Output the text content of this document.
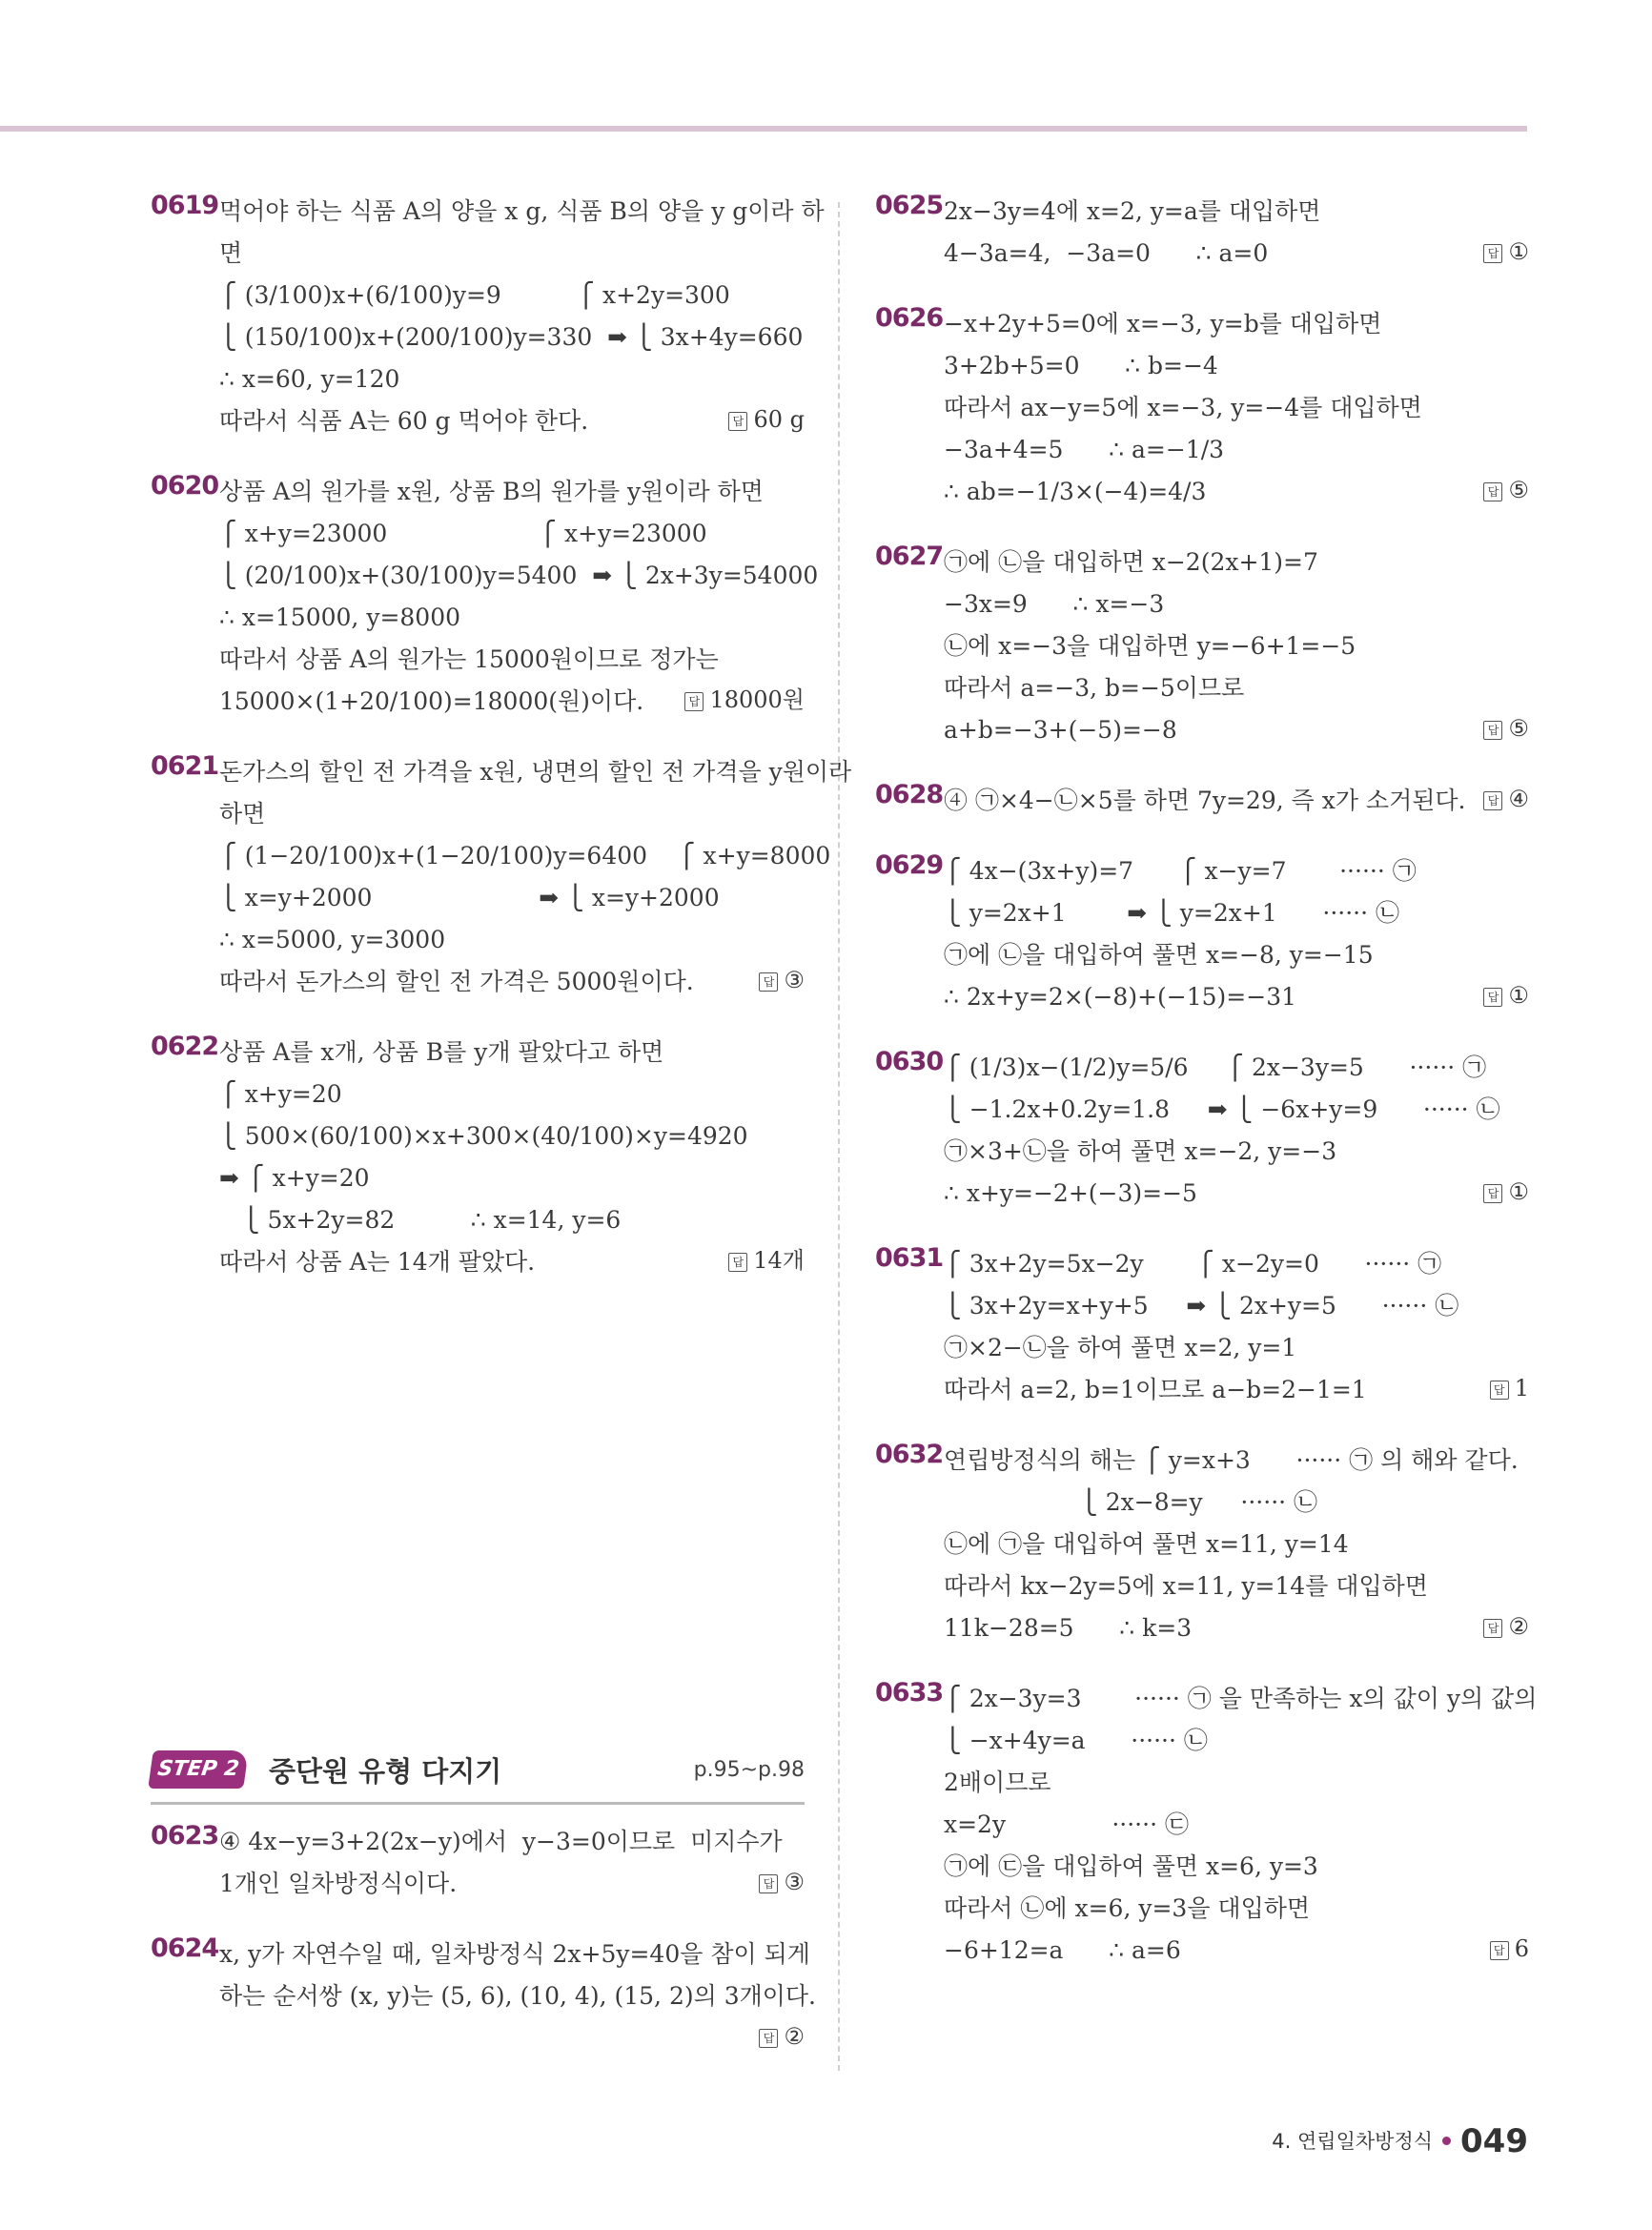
0619 먹어야 하는 식품 A의 양을 x g, 식품 B의 양을 y g이라 하
면
⎧ (3/100)x+(6/100)y=9          ⎧ x+2y=300
⎩ (150/100)x+(200/100)y=330  ➡ ⎩ 3x+4y=660
∴ x=60, y=120
따라서 식품 A는 60 g 먹어야 한다.	답 60 g
0620 상품 A의 원가를 x원, 상품 B의 원가를 y원이라 하면
⎧ x+y=23000                    ⎧ x+y=23000
⎩ (20/100)x+(30/100)y=5400  ➡ ⎩ 2x+3y=54000
∴ x=15000, y=8000
따라서 상품 A의 원가는 15000원이므로 정가는
15000×(1+20/100)=18000(원)이다.	답 18000원
0621 돈가스의 할인 전 가격을 x원, 냉면의 할인 전 가격을 y원이라
하면
⎧ (1−20/100)x+(1−20/100)y=6400    ⎧ x+y=8000
⎩ x=y+2000                      ➡ ⎩ x=y+2000
∴ x=5000, y=3000
따라서 돈가스의 할인 전 가격은 5000원이다.	답 ③
0622 상품 A를 x개, 상품 B를 y개 팔았다고 하면
⎧ x+y=20
⎩ 500×(60/100)×x+300×(40/100)×y=4920
➡ ⎧ x+y=20
⎩ 5x+2y=82          ∴ x=14, y=6
따라서 상품 A는 14개 팔았다.	답 14개
STEP 2 중단원 유형 다지기	p.95~p.98
0623 ④ 4x−y=3+2(2x−y)에서  y−3=0이므로  미지수가
1개인 일차방정식이다.	답 ③
0624 x, y가 자연수일 때, 일차방정식 2x+5y=40을 참이 되게
하는 순서쌍 (x, y)는 (5, 6), (10, 4), (15, 2)의 3개이다.
답 ②
0625 2x−3y=4에 x=2, y=a를 대입하면
4−3a=4,  −3a=0      ∴ a=0	답 ①
0626 −x+2y+5=0에 x=−3, y=b를 대입하면
3+2b+5=0      ∴ b=−4
따라서 ax−y=5에 x=−3, y=−4를 대입하면
−3a+4=5      ∴ a=−1/3
∴ ab=−1/3×(−4)=4/3	답 ⑤
0627 ㉠에 ㉡을 대입하면 x−2(2x+1)=7
−3x=9      ∴ x=−3
㉡에 x=−3을 대입하면 y=−6+1=−5
따라서 a=−3, b=−5이므로
a+b=−3+(−5)=−8	답 ⑤
0628 ④ ㉠×4−㉡×5를 하면 7y=29, 즉 x가 소거된다.	답 ④
0629 ⎧ 4x−(3x+y)=7      ⎧ x−y=7       ······ ㉠
⎩ y=2x+1        ➡ ⎩ y=2x+1      ······ ㉡
㉠에 ㉡을 대입하여 풀면 x=−8, y=−15
∴ 2x+y=2×(−8)+(−15)=−31	답 ①
0630 ⎧ (1/3)x−(1/2)y=5/6     ⎧ 2x−3y=5      ······ ㉠
⎩ −1.2x+0.2y=1.8     ➡ ⎩ −6x+y=9      ······ ㉡
㉠×3+㉡을 하여 풀면 x=−2, y=−3
∴ x+y=−2+(−3)=−5	답 ①
0631 ⎧ 3x+2y=5x−2y       ⎧ x−2y=0      ······ ㉠
⎩ 3x+2y=x+y+5     ➡ ⎩ 2x+y=5      ······ ㉡
㉠×2−㉡을 하여 풀면 x=2, y=1
따라서 a=2, b=1이므로 a−b=2−1=1	답 1
0632 연립방정식의 해는 ⎧ y=x+3      ······ ㉠ 의 해와 같다.
⎩ 2x−8=y     ······ ㉡
㉡에 ㉠을 대입하여 풀면 x=11, y=14
따라서 kx−2y=5에 x=11, y=14를 대입하면
11k−28=5      ∴ k=3	답 ②
0633 ⎧ 2x−3y=3       ······ ㉠ 을 만족하는 x의 값이 y의 값의
⎩ −x+4y=a      ······ ㉡
2배이므로
x=2y              ······ ㉢
㉠에 ㉢을 대입하여 풀면 x=6, y=3
따라서 ㉡에 x=6, y=3을 대입하면
−6+12=a      ∴ a=6	답 6
4. 연립일차방정식 049
